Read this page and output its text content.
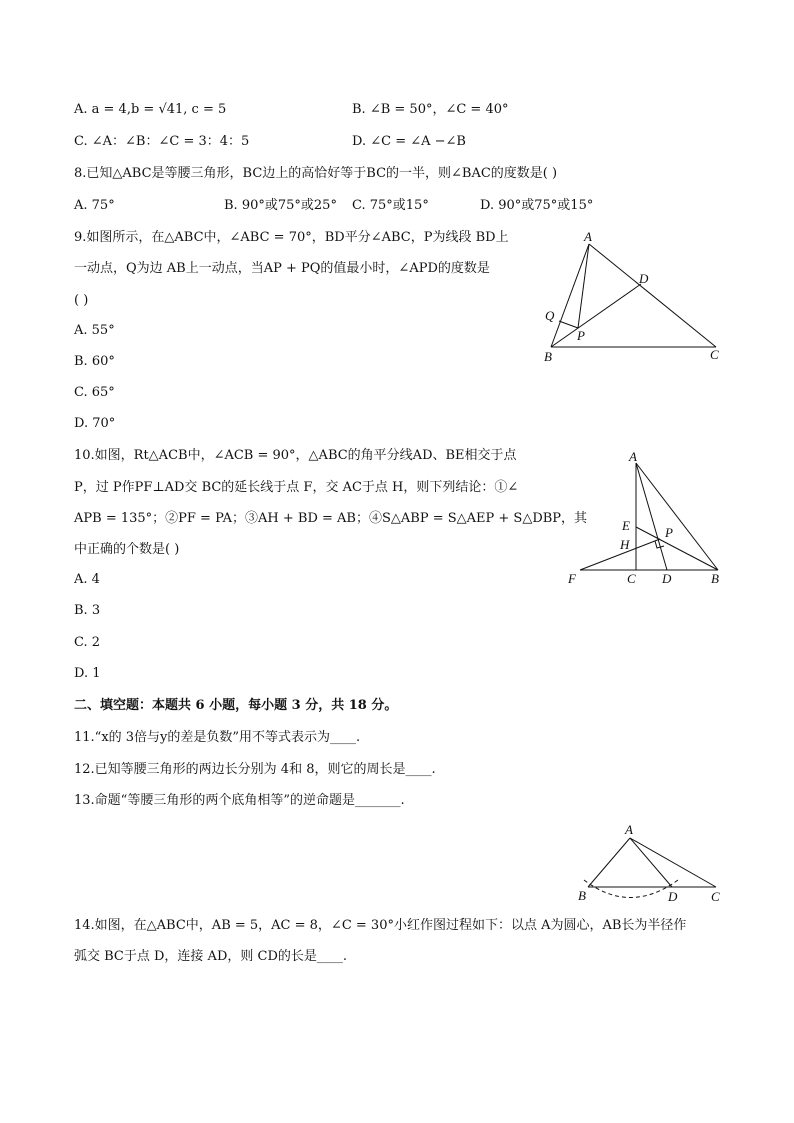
A. a = 4,b = √41, c = 5	B. ∠B = 50°，∠C = 40°
C. ∠A：∠B：∠C = 3：4：5	D. ∠C = ∠A −∠B
8.已知△ABC是等腰三角形，BC边上的高恰好等于BC的一半，则∠BAC的度数是( )
A. 75°	B. 90°或75°或25° C. 75°或15°	D. 90°或75°或15°
9.如图所示，在△ABC中，∠ABC = 70°，BD平分∠ABC，P为线段 BD上
一动点，Q为边 AB上一动点，当AP + PQ的值最小时，∠APD的度数是
( )
A. 55°
B. 60°
C. 65°
D. 70°
A
D
Q
P
B	C
10.如图，Rt△ACB中，∠ACB = 90°，△ABC的角平分线AD、BE相交于点
P，过 P作PF⊥AD交 BC的延长线于点 F，交 AC于点 H，则下列结论：①∠
APB = 135°；②PF = PA；③AH + BD = AB；④S△ABP = S△AEP + S△DBP，其
中正确的个数是( )
A. 4
B. 3
C. 2
D. 1
A
E	P
H
F	C D	B
二、填空题：本题共 6 小题，每小题 3 分，共 18 分。
11.“x的 3倍与y的差是负数”用不等式表示为____.
12.已知等腰三角形的两边长分别为 4和 8，则它的周长是____.
13.命题“等腰三角形的两个底角相等”的逆命题是_______.
A
B	D	C
14.如图，在△ABC中，AB = 5，AC = 8，∠C = 30°小红作图过程如下：以点 A为圆心，AB长为半径作
弧交 BC于点 D，连接 AD，则 CD的长是____.
